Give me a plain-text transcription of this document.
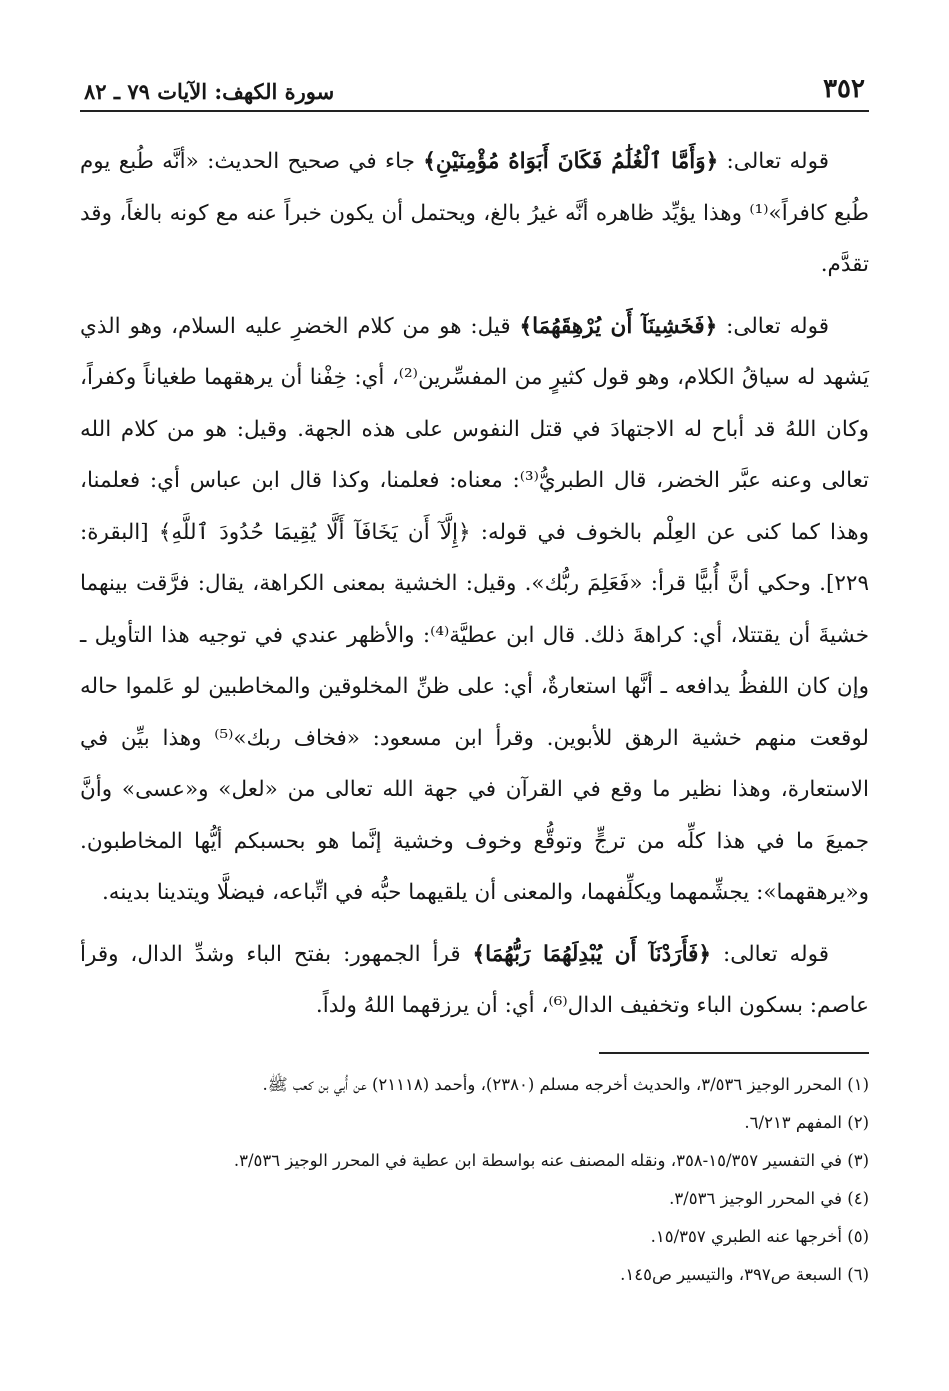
٣٥٢
سورة الكهف: الآيات ٧٩ ـ ٨٢

قوله تعالى: ﴿وَأَمَّا ٱلْغُلَٰمُ فَكَانَ أَبَوَاهُ مُؤْمِنَيْنِ﴾ جاء في صحيح الحديث: «أنَّه طُبع يوم طُبع كافراً»⁽¹⁾ وهذا يؤيِّد ظاهره أنَّه غيرُ بالغ، ويحتمل أن يكون خبراً عنه مع كونه بالغاً، وقد تقدَّم.

قوله تعالى: ﴿فَخَشِينَآ أَن يُرْهِقَهُمَا﴾ قيل: هو من كلام الخضرِ عليه السلام، وهو الذي يَشهد له سياقُ الكلام، وهو قول كثيرٍ من المفسِّرين⁽²⁾، أي: خِفْنا أن يرهقهما طغياناً وكفراً، وكان اللهُ قد أباح له الاجتهادَ في قتل النفوس على هذه الجهة. وقيل: هو من كلام الله تعالى وعنه عبَّر الخضر، قال الطبريُّ⁽³⁾: معناه: فعلمنا، وكذا قال ابن عباس أي: فعلمنا، وهذا كما كنى عن العِلْم بالخوف في قوله: ﴿إِلَّآ أَن يَخَافَآ أَلَّا يُقِيمَا حُدُودَ ٱللَّهِ﴾ [البقرة: ٢٢٩]. وحكي أنَّ أُبيًّا قرأ: «فَعَلِمَ ربُّك». وقيل: الخشية بمعنى الكراهة، يقال: فرَّقت بينهما خشيةَ أن يقتتلا، أي: كراهةَ ذلك. قال ابن عطيَّة⁽⁴⁾: والأظهر عندي في توجيه هذا التأويل ـ وإن كان اللفظُ يدافعه ـ أنَّها استعارةٌ، أي: على ظنِّ المخلوقين والمخاطبين لو عَلموا حاله لوقعت منهم خشية الرهق للأبوين. وقرأ ابن مسعود: «فخاف ربك»⁽⁵⁾ وهذا بيِّن في الاستعارة، وهذا نظير ما وقع في القرآن في جهة الله تعالى من «لعل» و«عسى» وأنَّ جميعَ ما في هذا كلِّه من ترجٍّ وتوقُّع وخوف وخشية إنَّما هو بحسبكم أيُّها المخاطبون. و«يرهقهما»: يجشِّمهما ويكلِّفهما، والمعنى أن يلقيهما حبُّه في اتِّباعه، فيضلَّا ويتدينا بدينه.

قوله تعالى: ﴿فَأَرَدْنَآ أَن يُبْدِلَهُمَا رَبُّهُمَا﴾ قرأ الجمهور: بفتح الباء وشدِّ الدال، وقرأ عاصم: بسكون الباء وتخفيف الدال⁽⁶⁾، أي: أن يرزقهما اللهُ ولداً.

(١) المحرر الوجيز ٣/٥٣٦، والحديث أخرجه مسلم (٢٣٨٠)، وأحمد (٢١١١٨) عن أُبي بن كعب ﷺ.
(٢) المفهم ٦/٢١٣.
(٣) في التفسير ١٥/٣٥٧-٣٥٨، ونقله المصنف عنه بواسطة ابن عطية في المحرر الوجيز ٣/٥٣٦.
(٤) في المحرر الوجيز ٣/٥٣٦.
(٥) أخرجها عنه الطبري ١٥/٣٥٧.
(٦) السبعة ص٣٩٧، والتيسير ص١٤٥.
